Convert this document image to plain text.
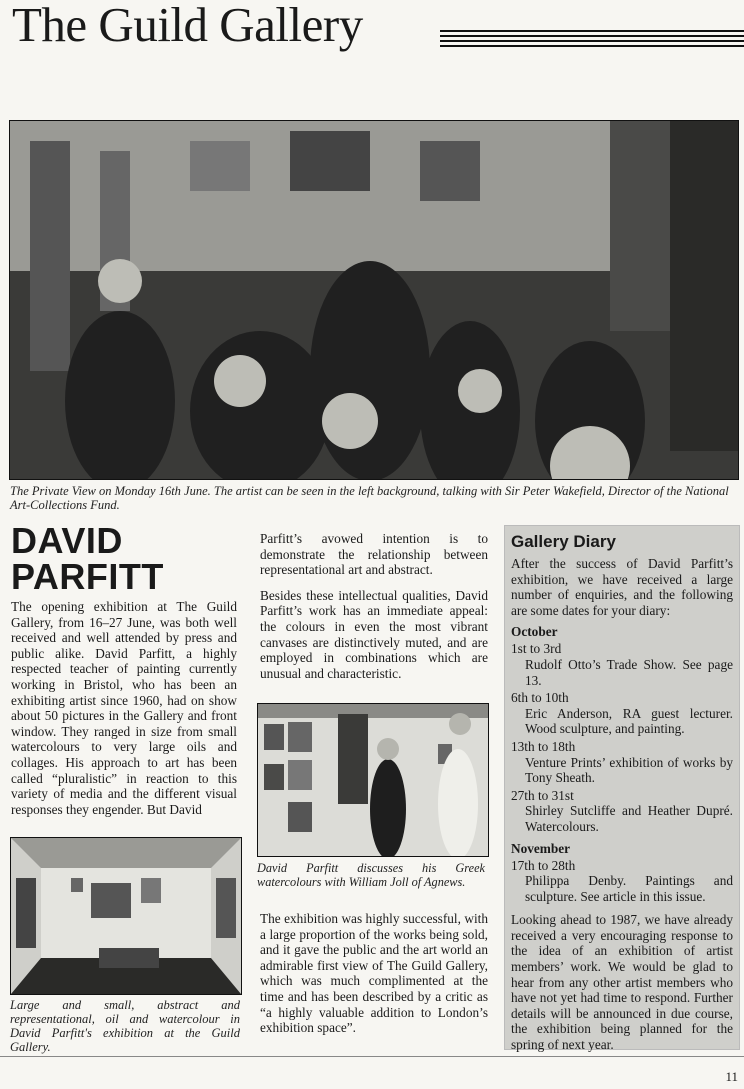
The Guild Gallery
The Private View on Monday 16th June. The artist can be seen in the left background, talking with Sir Peter Wakefield, Director of the National Art-Collections Fund.
DAVID
PARFITT

The opening exhibition at The Guild Gallery, from 16–27 June, was both well received and well attended by press and public alike. David Parfitt, a highly respected teacher of painting currently working in Bristol, who has been an exhibiting artist since 1960, had on show about 50 pictures in the Gallery and front window. They ranged in size from small watercolours to very large oils and collages. His approach to art has been called “pluralistic” in reaction to this variety of media and the different visual responses they engender. But David

Large and small, abstract and representational, oil and watercolour in David Parfitt's exhibition at the Guild Gallery.

Parfitt’s avowed intention is to demonstrate the relationship between representational art and abstract.

Besides these intellectual qualities, David Parfitt’s work has an immediate appeal: the colours in even the most vibrant canvases are distinctively muted, and are employed in combinations which are unusual and characteristic.

David Parfitt discusses his Greek watercolours with William Joll of Agnews.

The exhibition was highly successful, with a large proportion of the works being sold, and it gave the public and the art world an admirable first view of The Guild Gallery, which was much complimented at the time and has been described by a critic as “a highly valuable addition to London’s exhibition space”.

Gallery Diary
After the success of David Parfitt’s exhibition, we have received a large number of enquiries, and the following are some dates for your diary:
October
1st to 3rd
Rudolf Otto’s Trade Show. See page 13.
6th to 10th
Eric Anderson, RA guest lecturer. Wood sculpture, and painting.
13th to 18th
Venture Prints’ exhibition of works by Tony Sheath.
27th to 31st
Shirley Sutcliffe and Heather Dupré. Watercolours.
November
17th to 28th
Philippa Denby. Paintings and sculpture. See article in this issue.
Looking ahead to 1987, we have already received a very encouraging response to the idea of an exhibition of artist members’ work. We would be glad to hear from any other artist members who have not yet had time to respond. Further details will be announced in due course, the exhibition being planned for the spring of next year.
11
